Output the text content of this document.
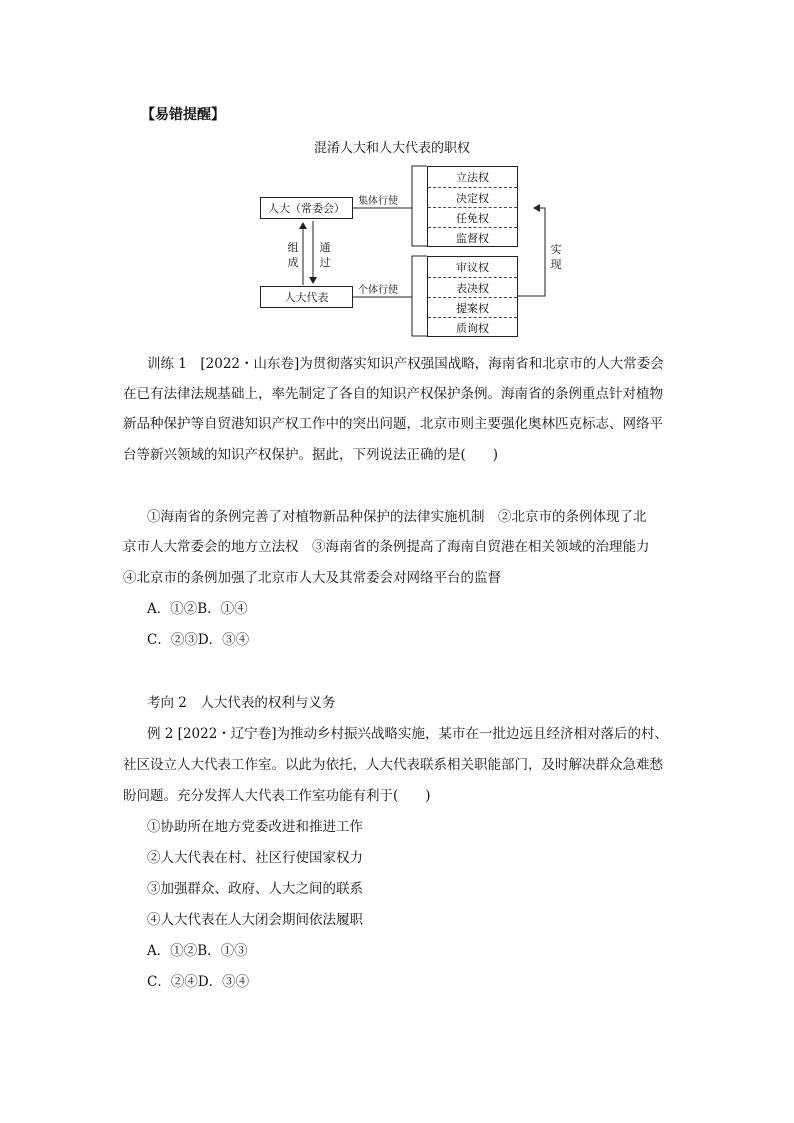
【易错提醒】
混淆人大和人大代表的职权
人大（常委会）
人大代表
集体行使
个体行使
组成
通过
实现
立法权
决定权
任免权
监督权
审议权
表决权
提案权
质询权
训练 1　[2022・山东卷]为贯彻落实知识产权强国战略，海南省和北京市的人大常委会
在已有法律法规基础上，率先制定了各自的知识产权保护条例。海南省的条例重点针对植物
新品种保护等自贸港知识产权工作中的突出问题，北京市则主要强化奥林匹克标志、网络平
台等新兴领域的知识产权保护。据此，下列说法正确的是(　　)
①海南省的条例完善了对植物新品种保护的法律实施机制　②北京市的条例体现了北
京市人大常委会的地方立法权　③海南省的条例提高了海南自贸港在相关领域的治理能力
④北京市的条例加强了北京市人大及其常委会对网络平台的监督
A．①②B．①④
C．②③D．③④
考向 2　人大代表的权利与义务
例 2 [2022・辽宁卷]为推动乡村振兴战略实施，某市在一批边远且经济相对落后的村、
社区设立人大代表工作室。以此为依托，人大代表联系相关职能部门，及时解决群众急难愁
盼问题。充分发挥人大代表工作室功能有利于(　　)
①协助所在地方党委改进和推进工作
②人大代表在村、社区行使国家权力
③加强群众、政府、人大之间的联系
④人大代表在人大闭会期间依法履职
A．①②B．①③
C．②④D．③④
